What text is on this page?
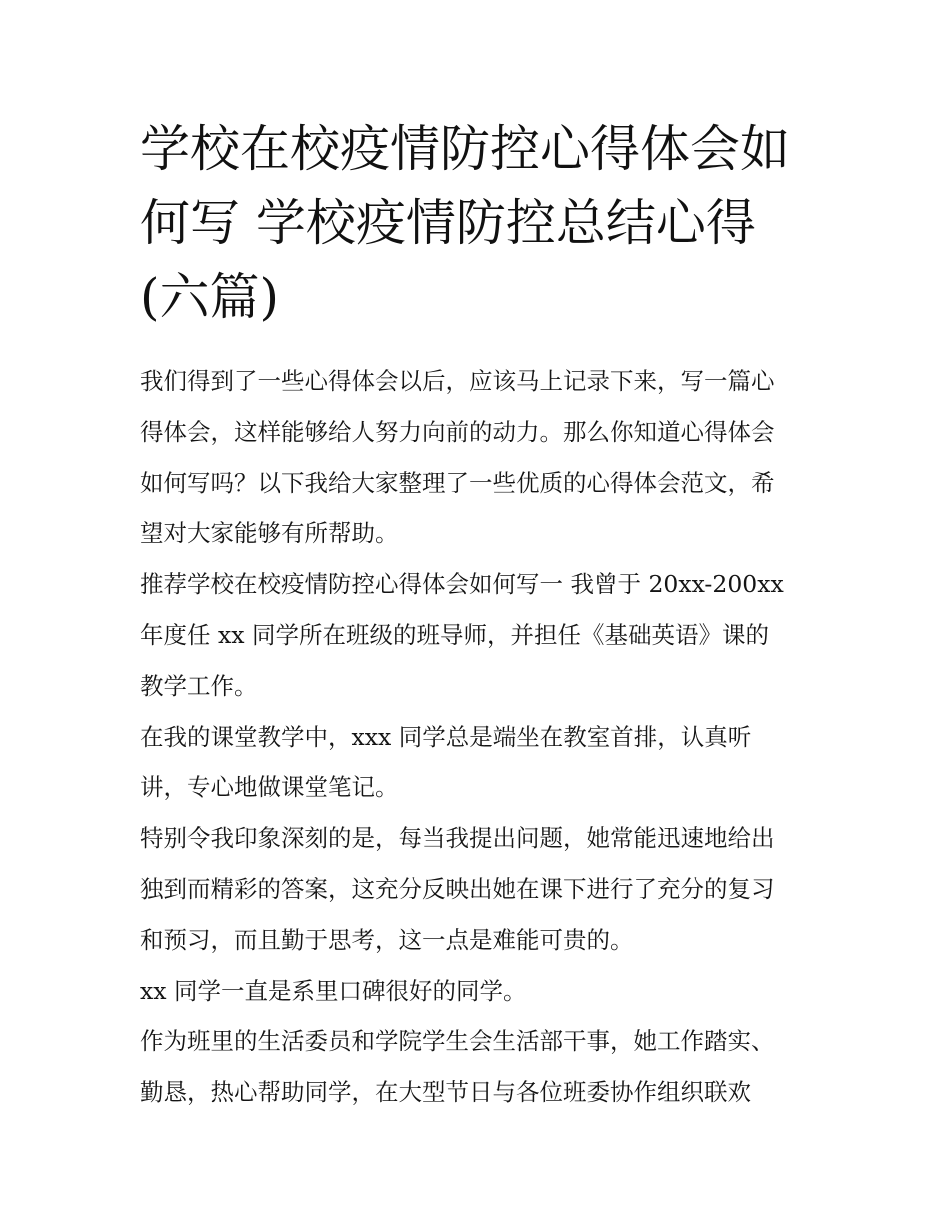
学校在校疫情防控心得体会如
何写 学校疫情防控总结心得
(六篇)
我们得到了一些心得体会以后，应该马上记录下来，写一篇心
得体会，这样能够给人努力向前的动力。那么你知道心得体会
如何写吗？以下我给大家整理了一些优质的心得体会范文，希
望对大家能够有所帮助。
推荐学校在校疫情防控心得体会如何写一 我曾于 20xx-200xx
年度任 xx 同学所在班级的班导师，并担任《基础英语》课的
教学工作。
在我的课堂教学中，xxx 同学总是端坐在教室首排，认真听
讲，专心地做课堂笔记。
特别令我印象深刻的是，每当我提出问题，她常能迅速地给出
独到而精彩的答案，这充分反映出她在课下进行了充分的复习
和预习，而且勤于思考，这一点是难能可贵的。
xx 同学一直是系里口碑很好的同学。
作为班里的生活委员和学院学生会生活部干事，她工作踏实、
勤恳，热心帮助同学，在大型节日与各位班委协作组织联欢
